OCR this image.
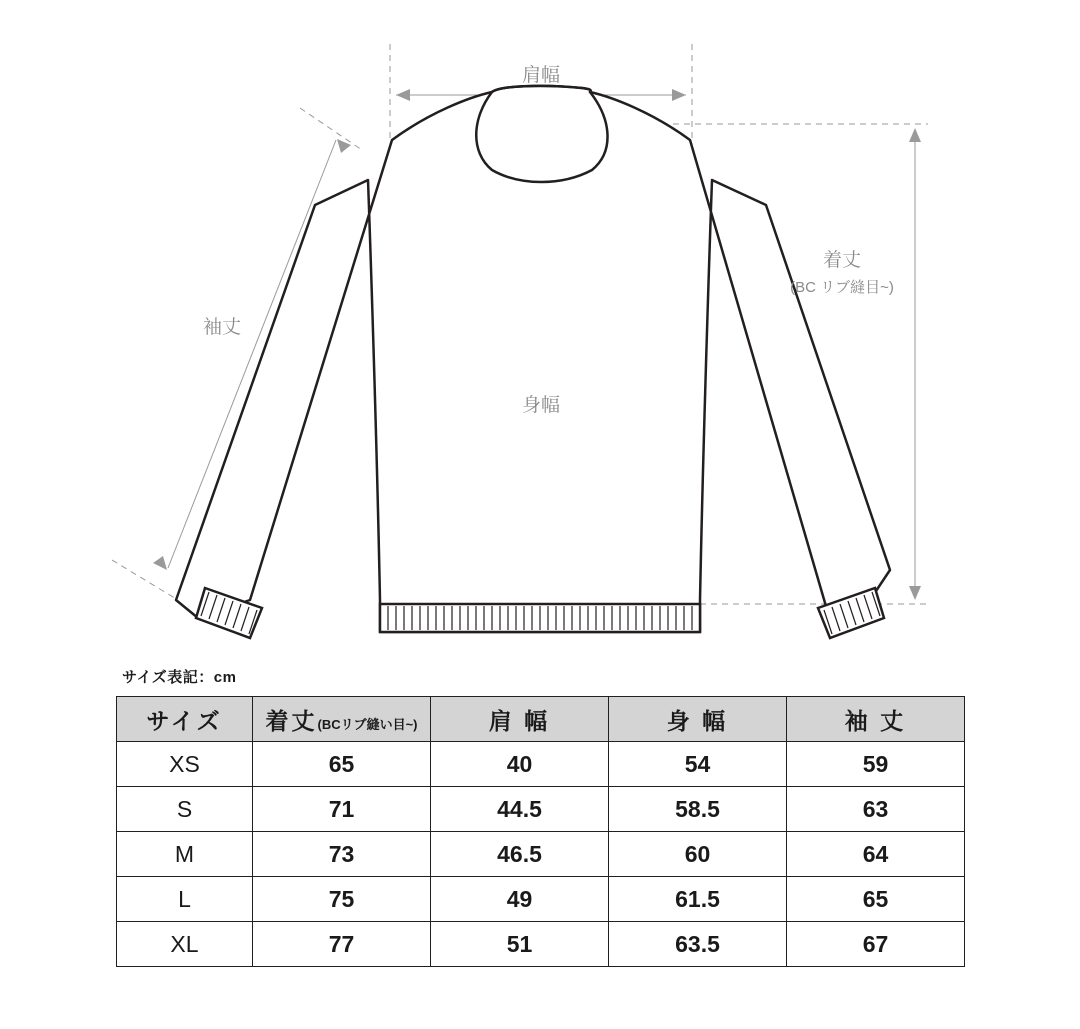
肩幅
身幅
袖丈
着丈
(BC リブ縫目~)
サイズ表記：cm
サイズ	着丈(BCリブ縫い目~)	肩 幅	身 幅	袖 丈
XS	65	40	54	59
S	71	44.5	58.5	63
M	73	46.5	60	64
L	75	49	61.5	65
XL	77	51	63.5	67
